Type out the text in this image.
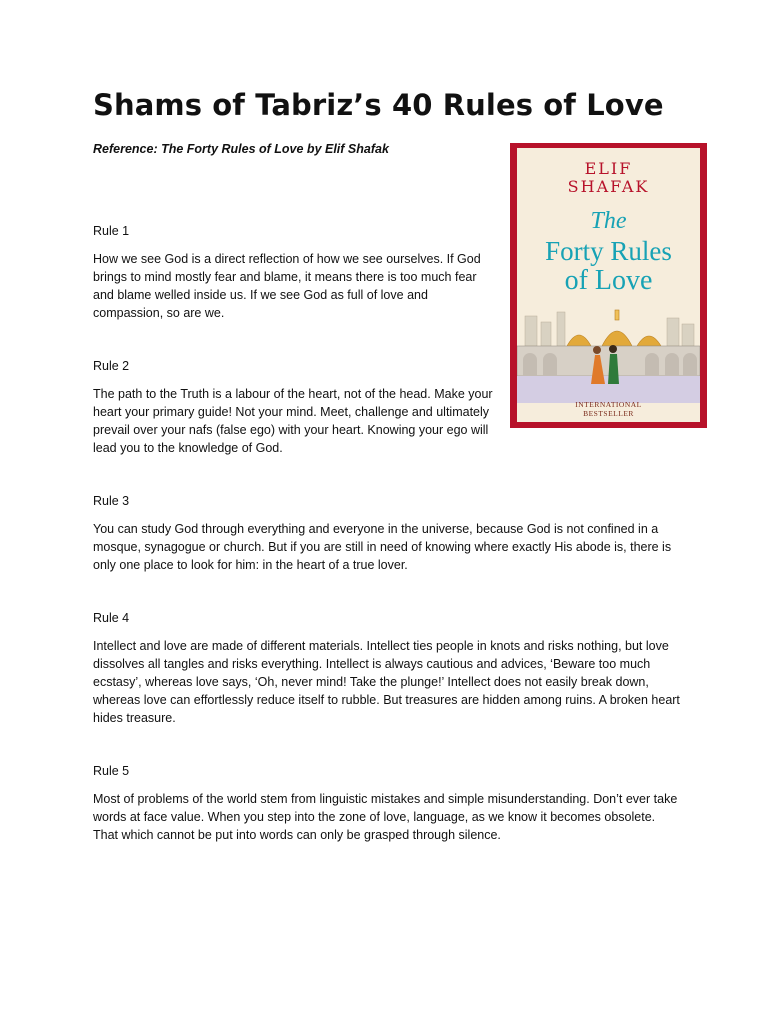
Shams of Tabriz’s 40 Rules of Love

Reference: The Forty Rules of Love by Elif Shafak

ELIF
SHAFAK
The
Forty Rules
of Love
INTERNATIONAL
BESTSELLER

Rule 1

How we see God is a direct reflection of how we see ourselves. If God brings to mind mostly fear and blame, it means there is too much fear and blame welled inside us. If we see God as full of love and compassion, so are we.

Rule 2

The path to the Truth is a labour of the heart, not of the head. Make your heart your primary guide! Not your mind. Meet, challenge and ultimately prevail over your nafs (false ego) with your heart. Knowing your ego will lead you to the knowledge of God.

Rule 3

You can study God through everything and everyone in the universe, because God is not confined in a mosque, synagogue or church. But if you are still in need of knowing where exactly His abode is, there is only one place to look for him: in the heart of a true lover.

Rule 4

Intellect and love are made of different materials. Intellect ties people in knots and risks nothing, but love dissolves all tangles and risks everything. Intellect is always cautious and advices, ‘Beware too much ecstasy’, whereas love says, ‘Oh, never mind! Take the plunge!’ Intellect does not easily break down, whereas love can effortlessly reduce itself to rubble. But treasures are hidden among ruins. A broken heart hides treasure.

Rule 5

Most of problems of the world stem from linguistic mistakes and simple misunderstanding. Don’t ever take words at face value. When you step into the zone of love, language, as we know it becomes obsolete. That which cannot be put into words can only be grasped through silence.
